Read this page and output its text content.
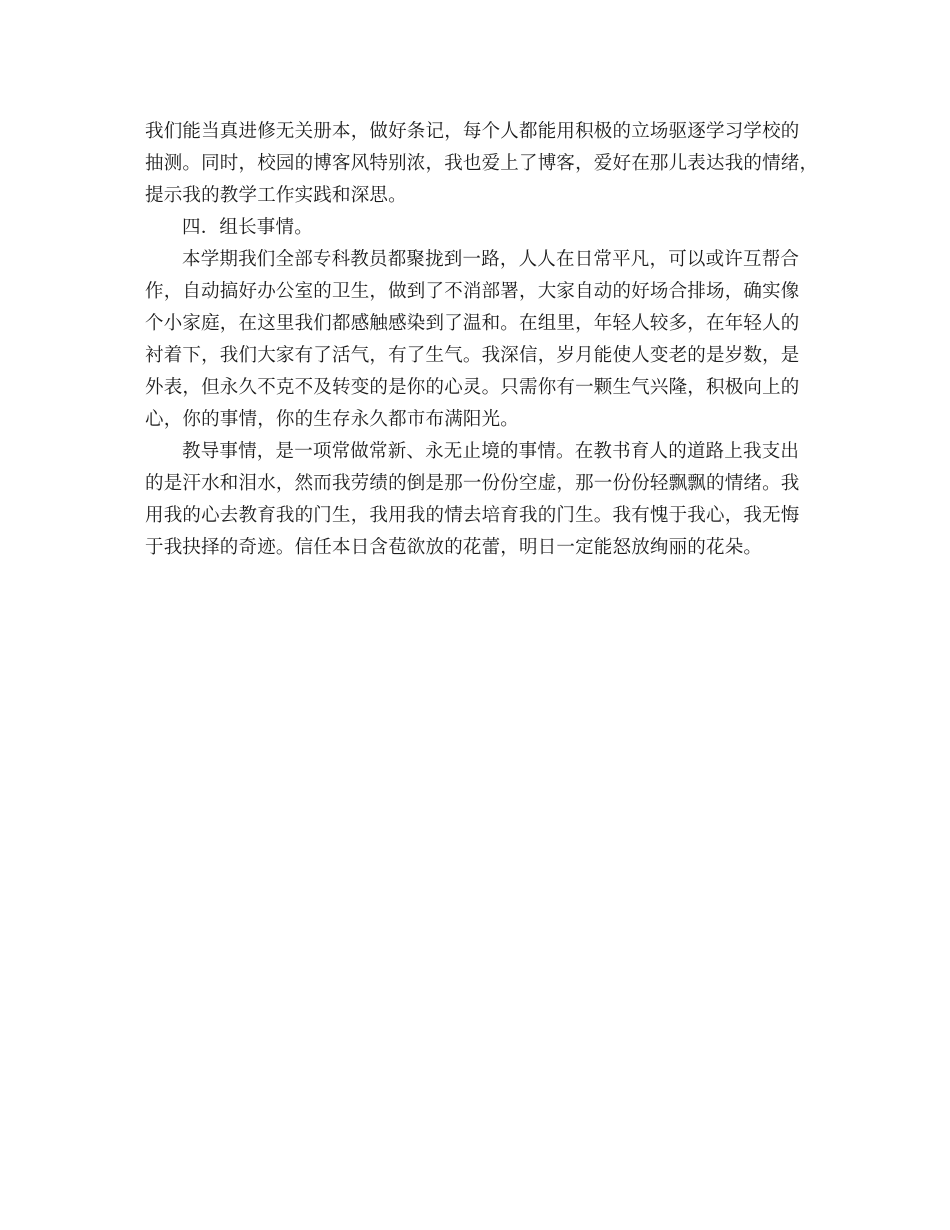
我们能当真进修无关册本，做好条记，每个人都能用积极的立场驱逐学习学校的
抽测。同时，校园的博客风特别浓，我也爱上了博客，爱好在那儿表达我的情绪，
提示我的教学工作实践和深思。
四．组长事情。
本学期我们全部专科教员都聚拢到一路，人人在日常平凡，可以或许互帮合
作，自动搞好办公室的卫生，做到了不消部署，大家自动的好场合排场，确实像
个小家庭，在这里我们都感触感染到了温和。在组里，年轻人较多，在年轻人的
衬着下，我们大家有了活气，有了生气。我深信，岁月能使人变老的是岁数，是
外表，但永久不克不及转变的是你的心灵。只需你有一颗生气兴隆，积极向上的
心，你的事情，你的生存永久都市布满阳光。
教导事情，是一项常做常新、永无止境的事情。在教书育人的道路上我支出
的是汗水和泪水，然而我劳绩的倒是那一份份空虚，那一份份轻飘飘的情绪。我
用我的心去教育我的门生，我用我的情去培育我的门生。我有愧于我心，我无悔
于我抉择的奇迹。信任本日含苞欲放的花蕾，明日一定能怒放绚丽的花朵。
